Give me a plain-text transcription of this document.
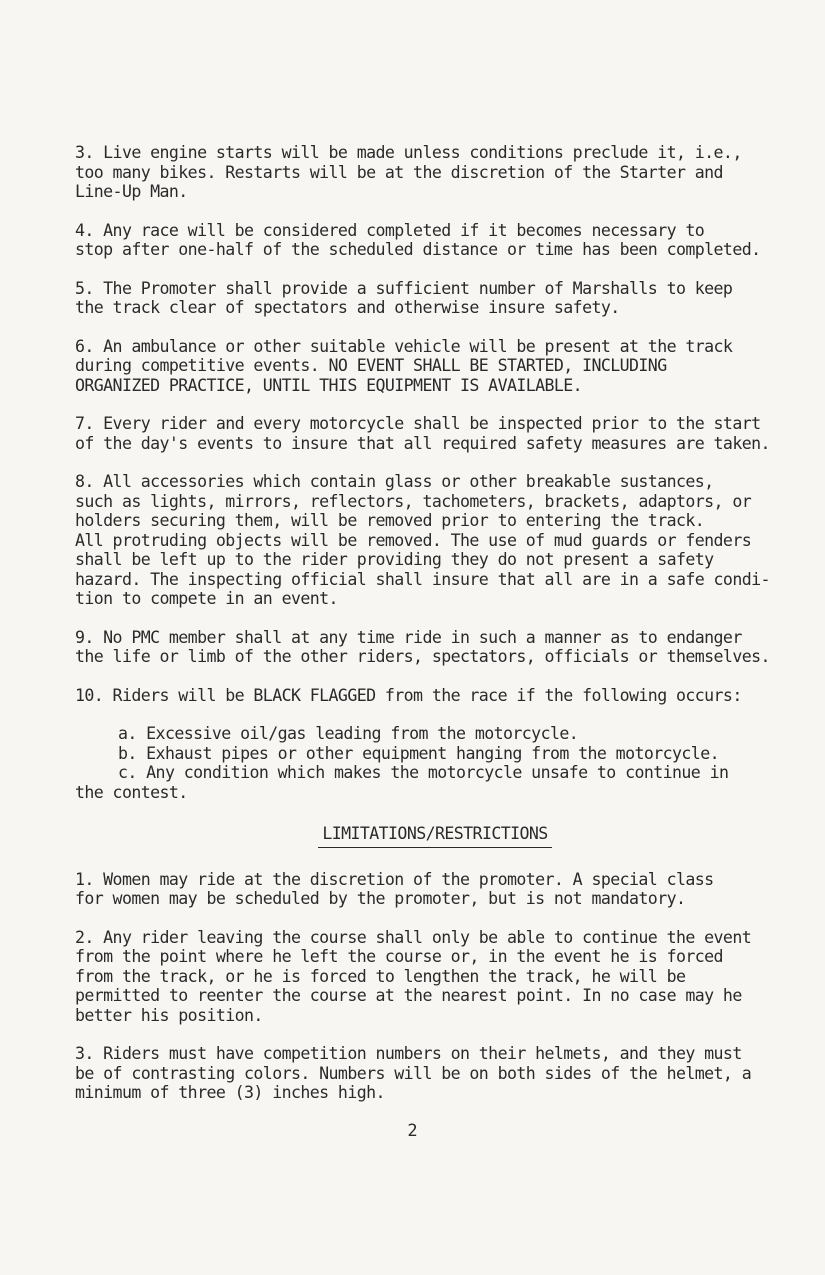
3. Live engine starts will be made unless conditions preclude it, i.e.,
too many bikes. Restarts will be at the discretion of the Starter and
Line-Up Man.

4. Any race will be considered completed if it becomes necessary to
stop after one-half of the scheduled distance or time has been completed.

5. The Promoter shall provide a sufficient number of Marshalls to keep
the track clear of spectators and otherwise insure safety.

6. An ambulance or other suitable vehicle will be present at the track
during competitive events. NO EVENT SHALL BE STARTED, INCLUDING
ORGANIZED PRACTICE, UNTIL THIS EQUIPMENT IS AVAILABLE.

7. Every rider and every motorcycle shall be inspected prior to the start
of the day's events to insure that all required safety measures are taken.

8. All accessories which contain glass or other breakable sustances,
such as lights, mirrors, reflectors, tachometers, brackets, adaptors, or
holders securing them, will be removed prior to entering the track.
All protruding objects will be removed. The use of mud guards or fenders
shall be left up to the rider providing they do not present a safety
hazard. The inspecting official shall insure that all are in a safe condi-
tion to compete in an event.

9. No PMC member shall at any time ride in such a manner as to endanger
the life or limb of the other riders, spectators, officials or themselves.

10. Riders will be BLACK FLAGGED from the race if the following occurs:

a. Excessive oil/gas leading from the motorcycle.

b. Exhaust pipes or other equipment hanging from the motorcycle.

c. Any condition which makes the motorcycle unsafe to continue in

the contest.

LIMITATIONS/RESTRICTIONS

1. Women may ride at the discretion of the promoter. A special class
for women may be scheduled by the promoter, but is not mandatory.

2. Any rider leaving the course shall only be able to continue the event
from the point where he left the course or, in the event he is forced
from the track, or he is forced to lengthen the track, he will be
permitted to reenter the course at the nearest point. In no case may he
better his position.

3. Riders must have competition numbers on their helmets, and they must
be of contrasting colors. Numbers will be on both sides of the helmet, a
minimum of three (3) inches high.

2
